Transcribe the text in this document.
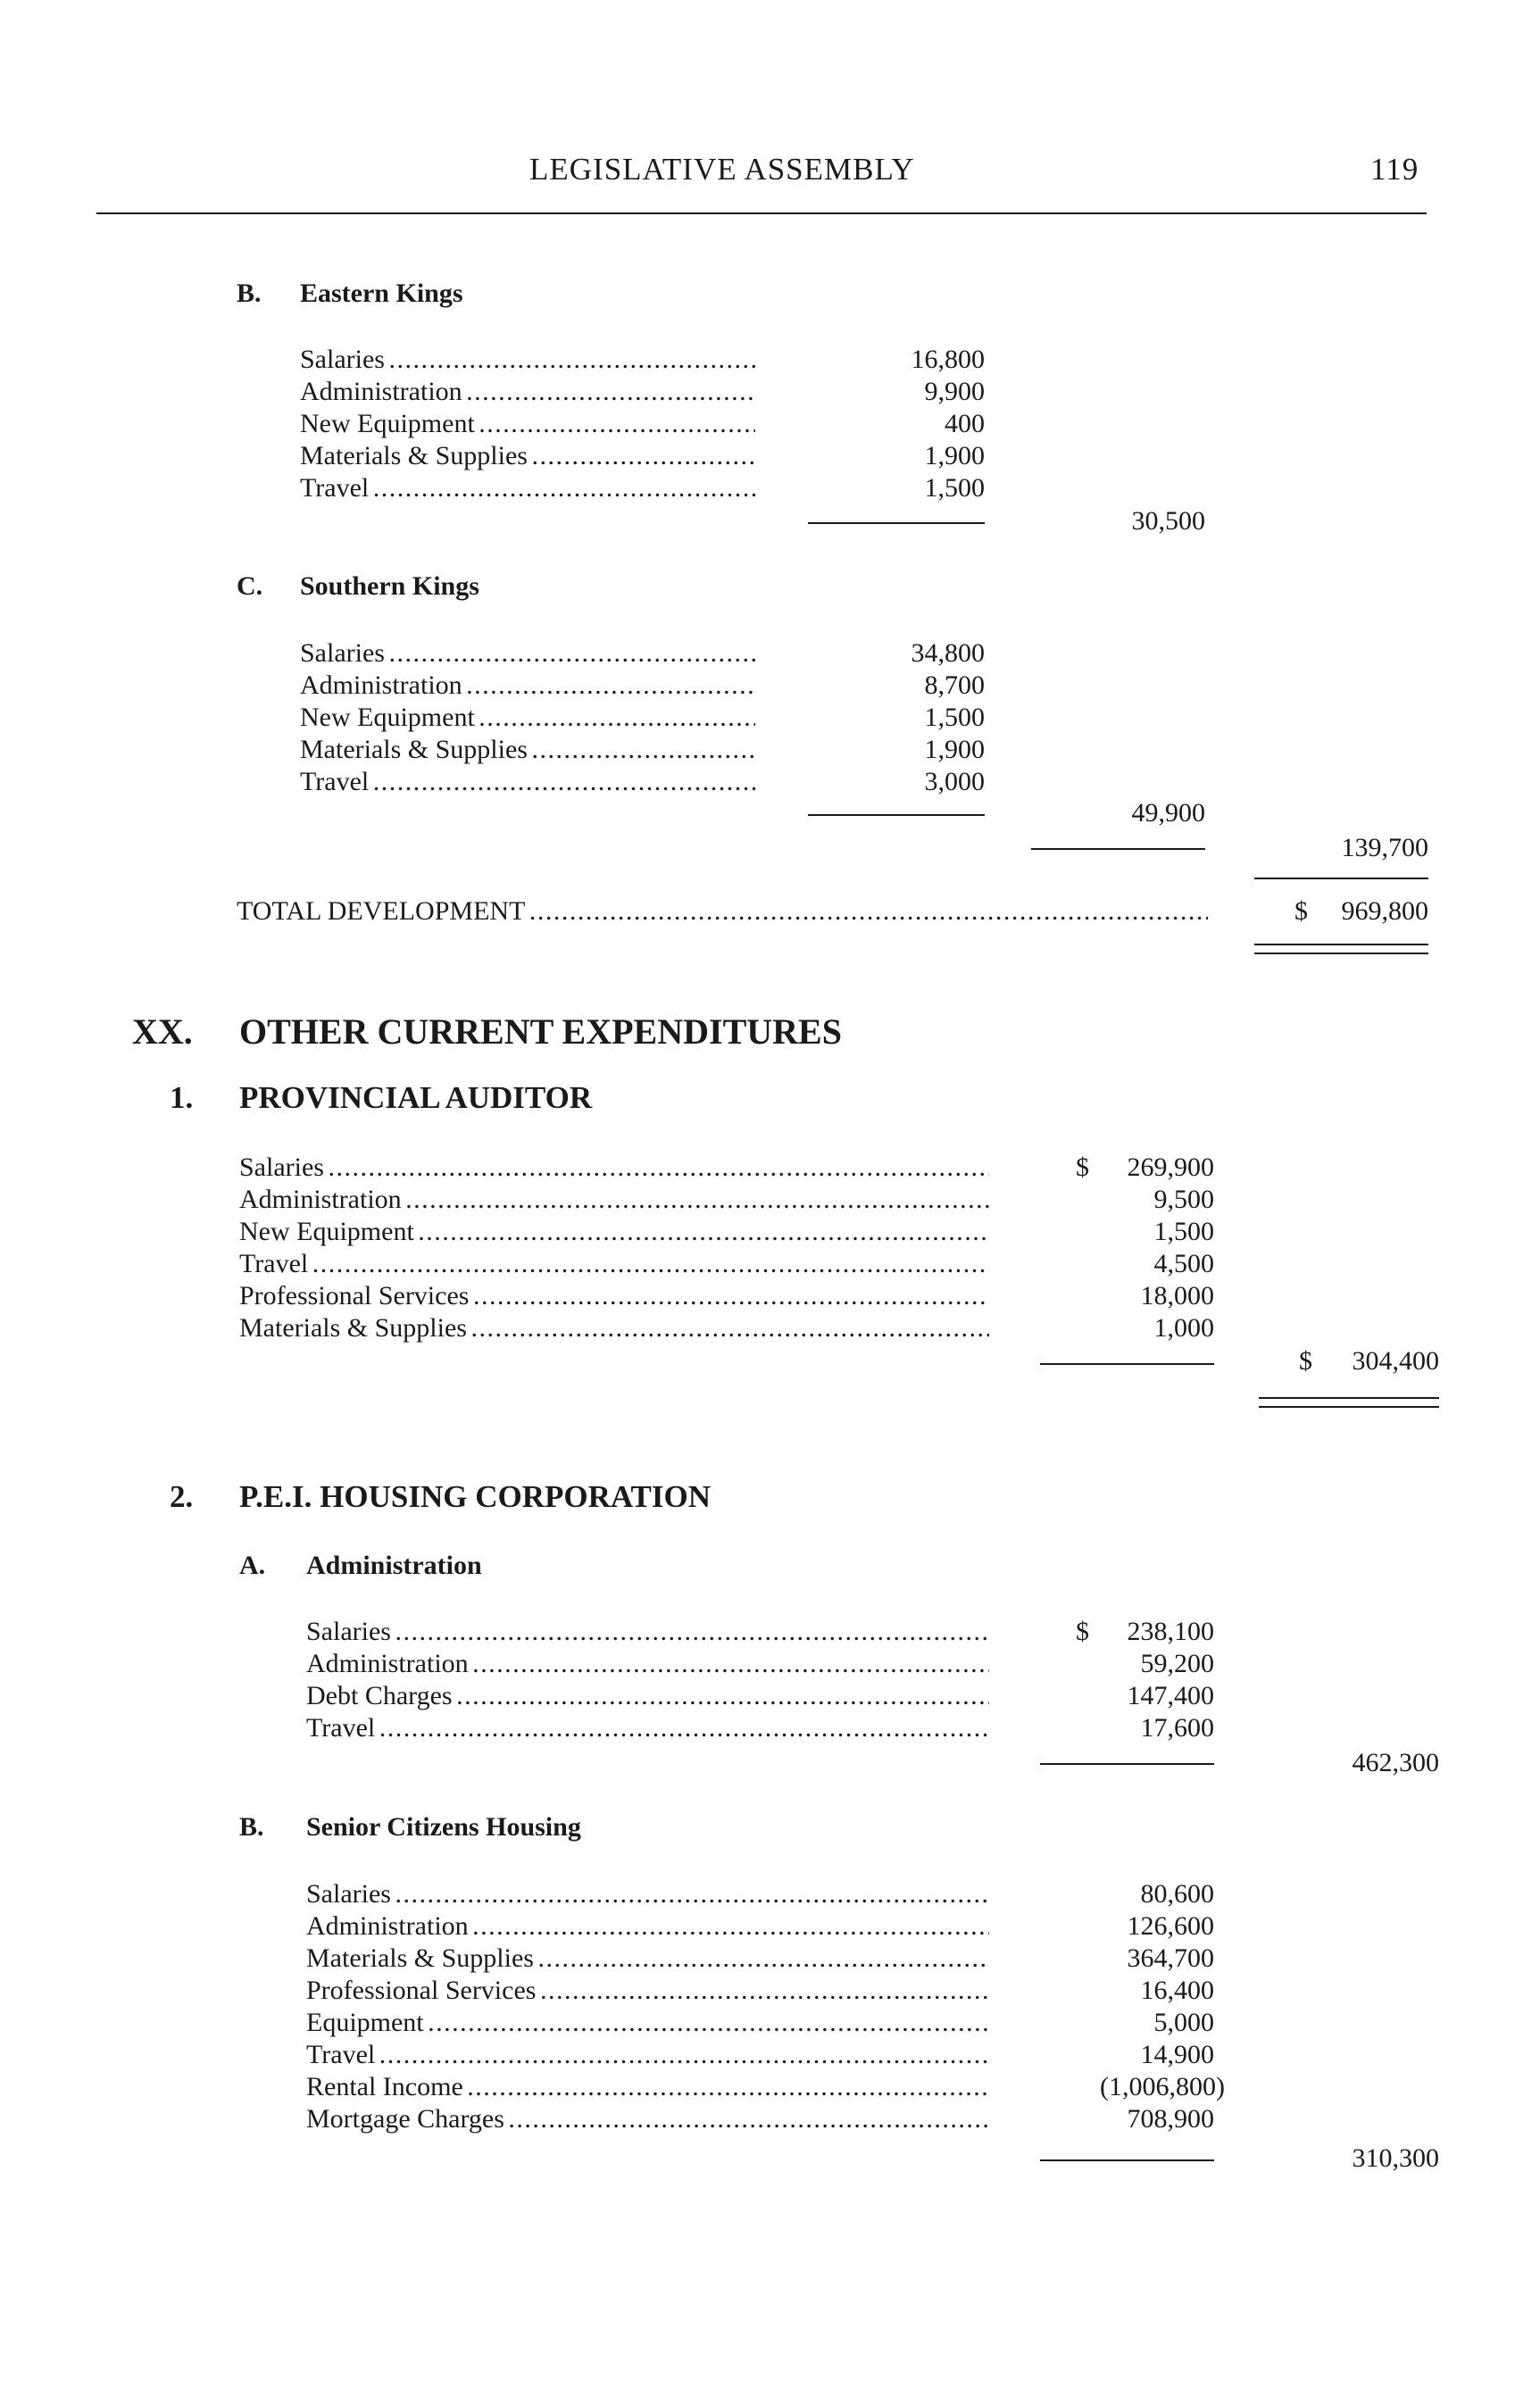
LEGISLATIVE ASSEMBLY	119
B. Eastern Kings
Salaries . . .	16,800
Administration . . .	9,900
New Equipment . . .	400
Materials & Supplies . . .	1,900
Travel . . .	1,500
30,500
C. Southern Kings
Salaries . . .	34,800
Administration . . .	8,700
New Equipment . . .	1,500
Materials & Supplies . . .	1,900
Travel . . .	3,000
49,900
139,700
TOTAL DEVELOPMENT . . .	$	969,800
XX. OTHER CURRENT EXPENDITURES
1. PROVINCIAL AUDITOR
Salaries . . .	$	269,900
Administration . . .	9,500
New Equipment . . .	1,500
Travel . . .	4,500
Professional Services . . .	18,000
Materials & Supplies . . .	1,000
$	304,400
2. P.E.I. HOUSING CORPORATION
A. Administration
Salaries . . .	$	238,100
Administration . . .	59,200
Debt Charges . . .	147,400
Travel . . .	17,600
462,300
B. Senior Citizens Housing
Salaries . . .	80,600
Administration . . .	126,600
Materials & Supplies . . .	364,700
Professional Services . . .	16,400
Equipment . . .	5,000
Travel . . .	14,900
Rental Income . . .	(1,006,800)
Mortgage Charges . . .	708,900
310,300
